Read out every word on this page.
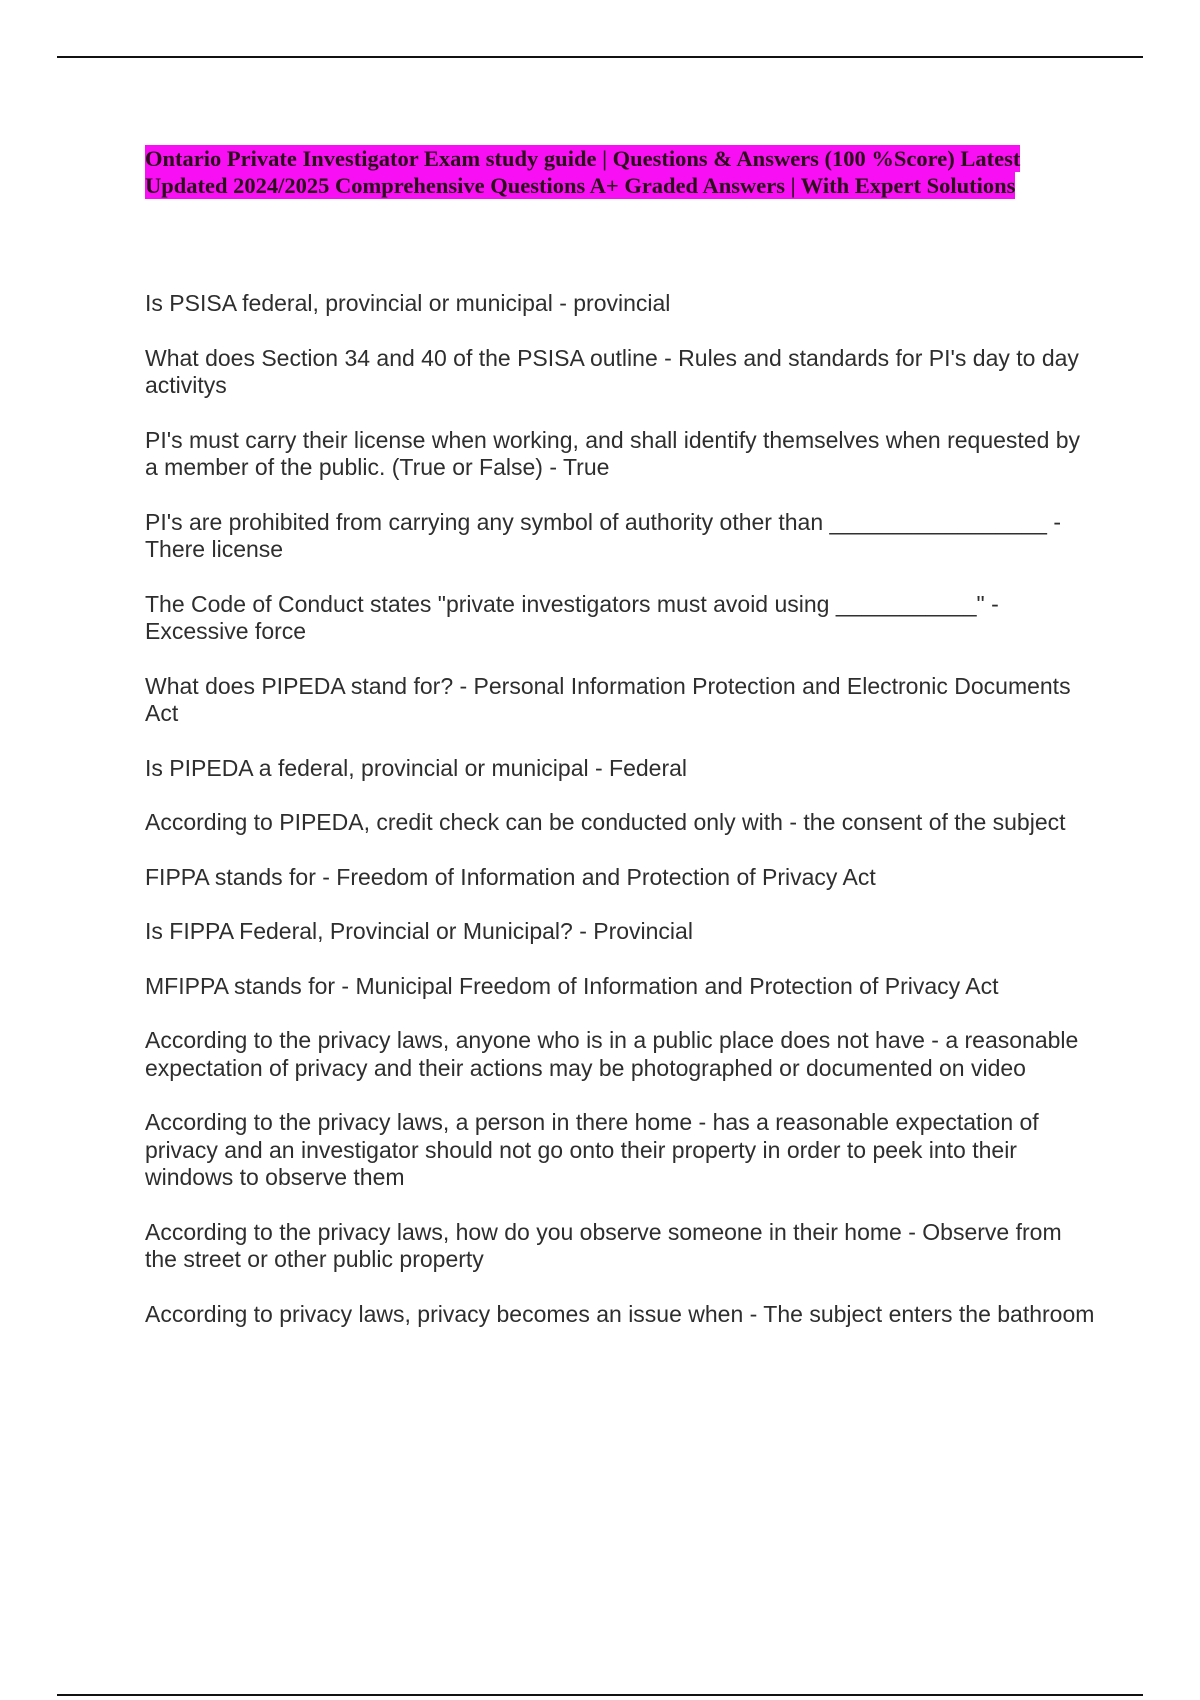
Ontario Private Investigator Exam study guide | Questions & Answers (100 %Score) Latest Updated 2024/2025 Comprehensive Questions A+ Graded Answers | With Expert Solutions
Is PSISA federal, provincial or municipal - provincial
What does Section 34 and 40 of the PSISA outline - Rules and standards for PI's day to day activitys
PI's must carry their license when working, and shall identify themselves when requested by a member of the public. (True or False) - True
PI's are prohibited from carrying any symbol of authority other than _________________ - There license
The Code of Conduct states "private investigators must avoid using ___________" - Excessive force
What does PIPEDA stand for? - Personal Information Protection and Electronic Documents Act
Is PIPEDA a federal, provincial or municipal - Federal
According to PIPEDA, credit check can be conducted only with - the consent of the subject
FIPPA stands for - Freedom of Information and Protection of Privacy Act
Is FIPPA Federal, Provincial or Municipal? - Provincial
MFIPPA stands for - Municipal Freedom of Information and Protection of Privacy Act
According to the privacy laws, anyone who is in a public place does not have - a reasonable expectation of privacy and their actions may be photographed or documented on video
According to the privacy laws, a person in there home - has a reasonable expectation of privacy and an investigator should not go onto their property in order to peek into their windows to observe them
According to the privacy laws, how do you observe someone in their home - Observe from the street or other public property
According to privacy laws, privacy becomes an issue when - The subject enters the bathroom
